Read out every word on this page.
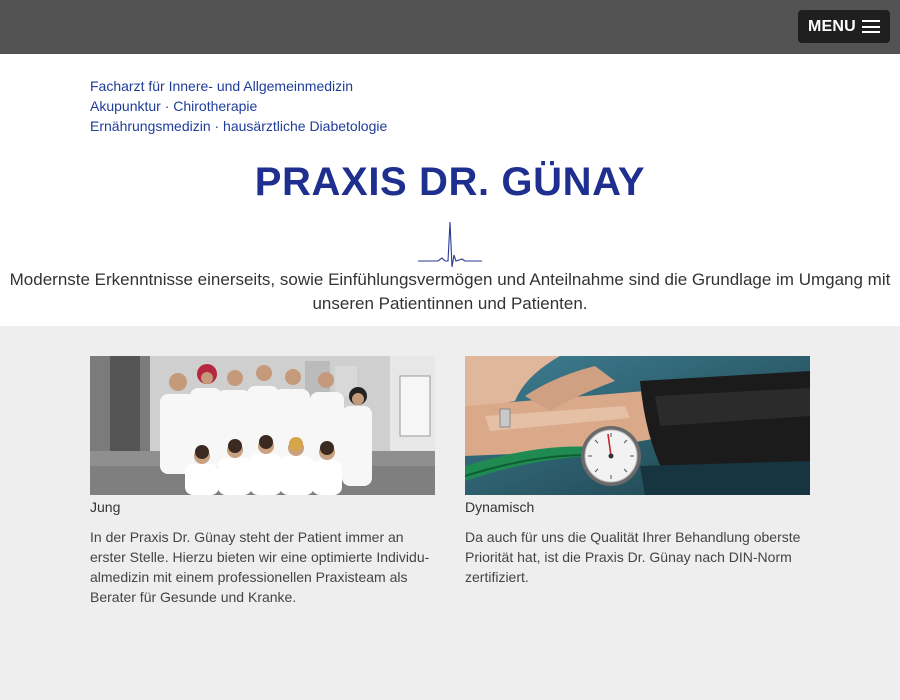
MENU
Facharzt für Innere- und Allgemeinmedizin
Akupunktur · Chirotherapie
Ernährungsmedizin · hausärztliche Diabetologie
PRAXIS DR. GÜNAY
Modernste Erkenntnisse einerseits, sowie Einfühlungsvermögen und Anteilnahme sind die Grundlage im Umgang mit unseren Patientinnen und Patienten.
Jung
In der Praxis Dr. Günay steht der Patient immer an erster Stelle. Hierzu bieten wir eine optimierte Individu-almedizin mit einem professionellen Praxisteam als Berater für Gesunde und Kranke.
Dynamisch
Da auch für uns die Qualität Ihrer Behandlung oberste Priorität hat, ist die Praxis Dr. Günay nach DIN-Norm zertifiziert.
